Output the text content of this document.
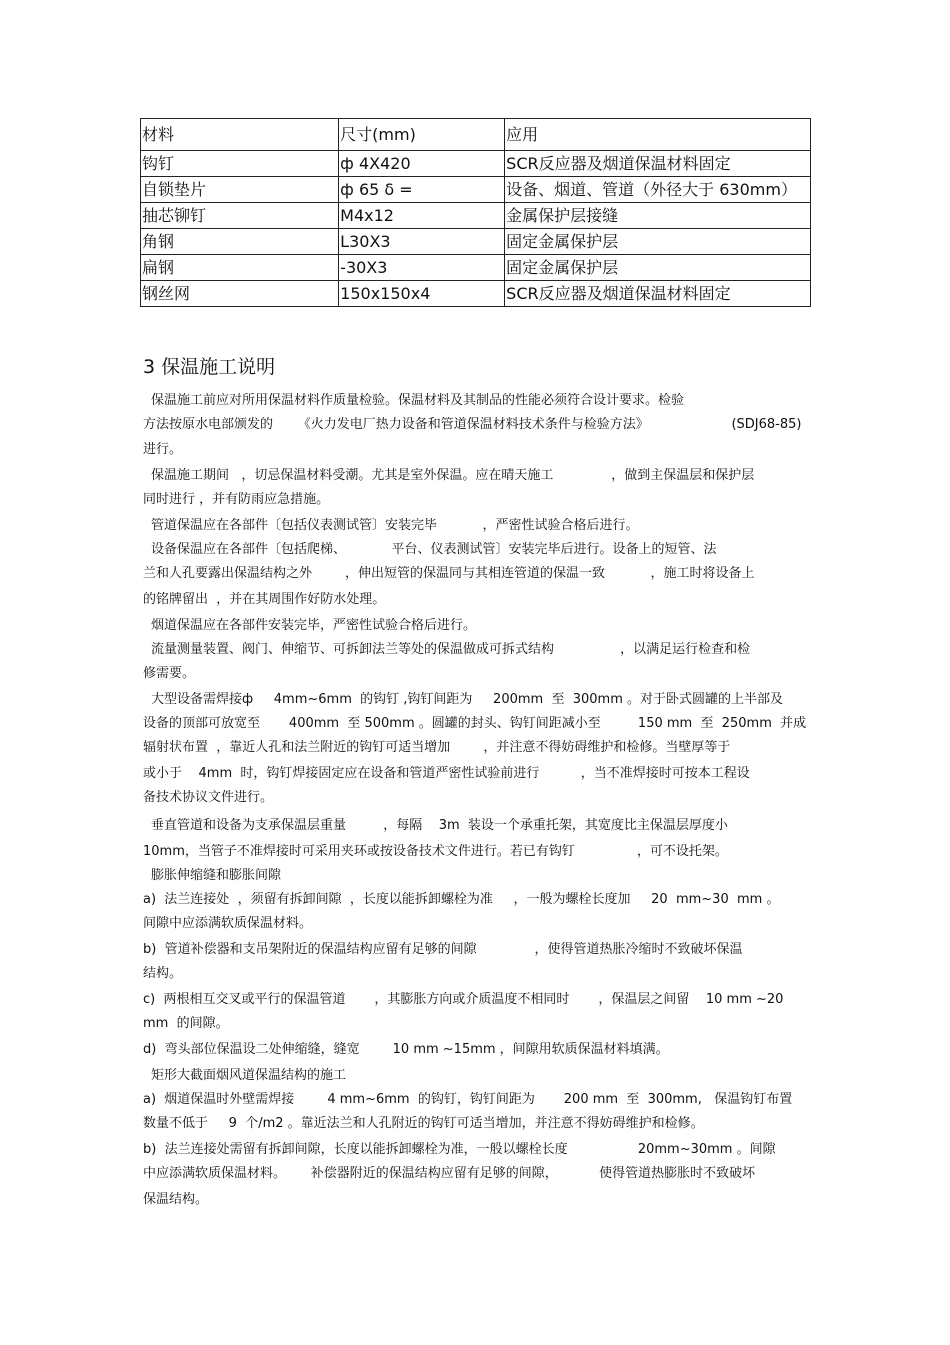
材料	尺寸(mm)	应用
钩钉	ф 4X420	SCR反应器及烟道保温材料固定
自锁垫片	ф 65 δ =	设备、烟道、管道（外径大于 630mm）
抽芯铆钉	M4x12	金属保护层接缝
角钢	L30X3	固定金属保护层
扁钢	-30X3	固定金属保护层
钢丝网	150x150x4	SCR反应器及烟道保温材料固定
3 保温施工说明
保温施工前应对所用保温材料作质量检验。保温材料及其制品的性能必须符合设计要求。检验
方法按原水电部颁发的      《火力发电厂热力设备和管道保温材料技术条件与检验方法》                    (SDJ68-85)
进行。
保温施工期间   ，切忌保温材料受潮。尤其是室外保温。应在晴天施工              ，做到主保温层和保护层
同时进行 ，并有防雨应急措施。
管道保温应在各部件〔包括仪表测试管〕安装完毕           ，严密性试验合格后进行。
设备保温应在各部件〔包括爬梯、           平台、仪表测试管〕安装完毕后进行。设备上的短管、法
兰和人孔要露出保温结构之外        ，伸出短管的保温同与其相连管道的保温一致           ，施工时将设备上
的铭牌留出  ，并在其周围作好防水处理。
烟道保温应在各部件安装完毕，严密性试验合格后进行。
流量测量装置、阀门、伸缩节、可拆卸法兰等处的保温做成可拆式结构                ，以满足运行检查和检
修需要。
大型设备需焊接ф     4mm~6mm  的钩钉 ,钩钉间距为     200mm  至  300mm 。对于卧式圆罐的上半部及
设备的顶部可放宽至       400mm  至 500mm 。圆罐的封头、钩钉间距减小至         150 mm  至  250mm  并成
辐射状布置  ，靠近人孔和法兰附近的钩钉可适当增加        ，并注意不得妨碍维护和检修。当壁厚等于
或小于    4mm  时，钩钉焊接固定应在设备和管道严密性试验前进行          ，当不准焊接时可按本工程设
备技术协议文件进行。
垂直管道和设备为支承保温层重量         ，每隔    3m  装设一个承重托架，其宽度比主保温层厚度小
10mm，当管子不准焊接时可采用夹环或按设备技术文件进行。若已有钩钉               ，可不设托架。
膨胀伸缩缝和膨胀间隙
a)  法兰连接处  ，须留有拆卸间隙  ，长度以能拆卸螺栓为准     ，一般为螺栓长度加     20  mm~30  mm 。
间隙中应添满软质保温材料。
b)  管道补偿器和支吊架附近的保温结构应留有足够的间隙              ，使得管道热胀冷缩时不致破坏保温
结构。
c)  两根相互交叉或平行的保温管道       ，其膨胀方向或介质温度不相同时       ，保温层之间留    10 mm ~20
mm  的间隙。
d)  弯头部位保温设二处伸缩缝，缝宽        10 mm ~15mm ，间隙用软质保温材料填满。
矩形大截面烟风道保温结构的施工
a)  烟道保温时外壁需焊接        4 mm~6mm  的钩钉，钩钉间距为       200 mm  至  300mm,   保温钩钉布置
数量不低于     9  个/m2 。靠近法兰和人孔附近的钩钉可适当增加，并注意不得妨碍维护和检修。
b)  法兰连接处需留有拆卸间隙，长度以能拆卸螺栓为准，一般以螺栓长度                 20mm~30mm 。间隙
中应添满软质保温材料。      补偿器附近的保温结构应留有足够的间隙，          使得管道热膨胀时不致破坏
保温结构。
